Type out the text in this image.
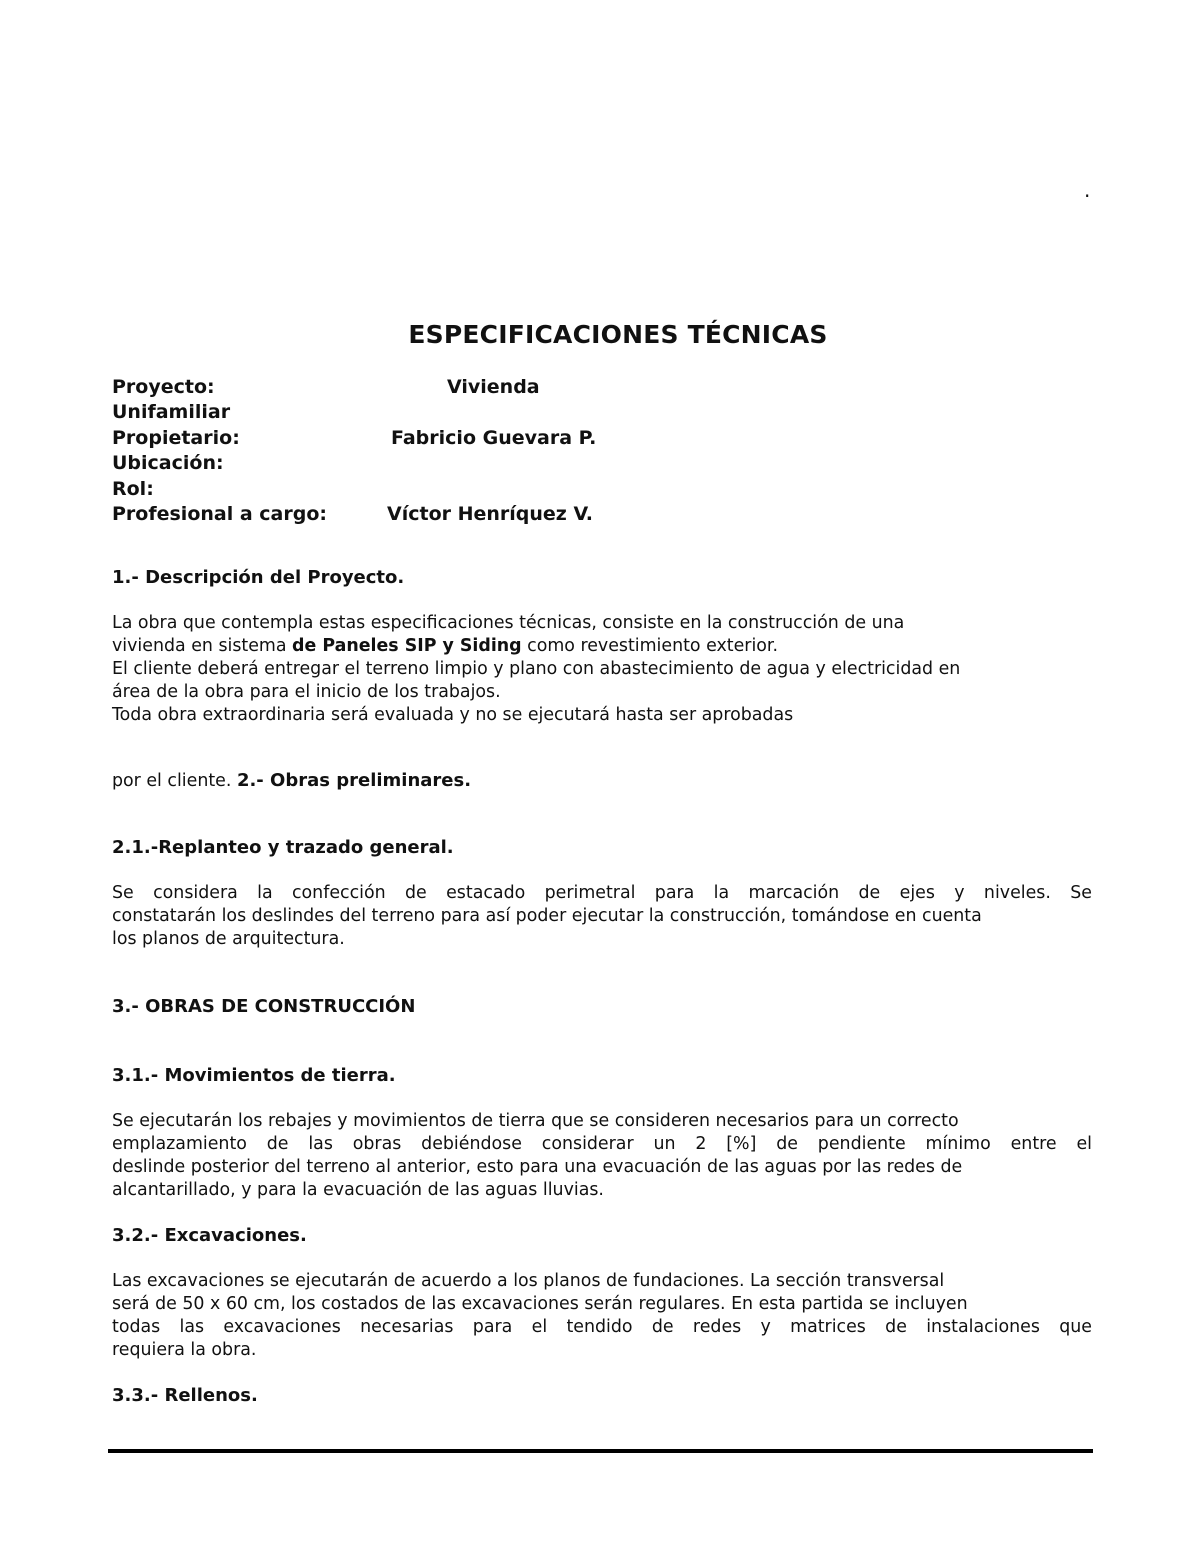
.

ESPECIFICACIONES TÉCNICAS
Proyecto:	Vivienda
Unifamiliar
Propietario:	Fabricio Guevara P.
Ubicación:
Rol:
Profesional a cargo:	Víctor Henríquez V.
1.- Descripción del Proyecto.
La obra que contempla estas especificaciones técnicas, consiste en la construcción de una
vivienda en sistema de Paneles SIP y Siding como revestimiento exterior.
El cliente deberá entregar el terreno limpio y plano con abastecimiento de agua y electricidad en
área de la obra para el inicio de los trabajos.
Toda obra extraordinaria será evaluada y no se ejecutará hasta ser aprobadas
por el cliente. 2.- Obras preliminares.
2.1.-Replanteo y trazado general.
Se considera la confección de estacado perimetral para la marcación de ejes y niveles. Se
constatarán los deslindes del terreno para así poder ejecutar la construcción, tomándose en cuenta
los planos de arquitectura.
3.- OBRAS DE CONSTRUCCIÓN
3.1.- Movimientos de tierra.
Se ejecutarán los rebajes y movimientos de tierra que se consideren necesarios para un correcto
emplazamiento de las obras debiéndose considerar un 2 [%] de pendiente mínimo entre el
deslinde posterior del terreno al anterior, esto para una evacuación de las aguas por las redes de
alcantarillado, y para la evacuación de las aguas lluvias.
3.2.- Excavaciones.
Las excavaciones se ejecutarán de acuerdo a los planos de fundaciones. La sección transversal
será de 50 x 60 cm, los costados de las excavaciones serán regulares. En esta partida se incluyen
todas las excavaciones necesarias para el tendido de redes y matrices de instalaciones que
requiera la obra.
3.3.- Rellenos.
